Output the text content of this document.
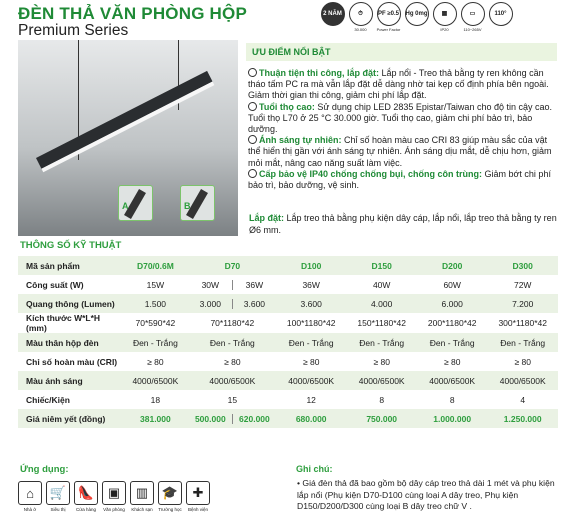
ĐÈN THẢ VĂN PHÒNG HỘP
Premium Series
2 NĂM	⏱
30.000
PF ≥0.5
Power Factor
Hg 0mg	▦
IP20
▭
110~265V
110°
A	B
ƯU ĐIỂM NỔI BẬT
Thuận tiện thi công, lắp đặt: Lắp nổi - Treo thả bằng ty ren không cần tháo tấm PC ra mà vẫn lắp đặt dễ dàng nhờ tai kẹp cố định phía bên ngoài. Giảm thời gian thi công, giảm chi phí lắp đặt.
Tuổi thọ cao: Sử dụng chip LED 2835 Epistar/Taiwan cho độ tin cậy cao. Tuổi thọ L70 ở 25 °C 30.000 giờ. Tuổi thọ cao, giảm chi phí bảo trì, bảo dưỡng.
Ánh sáng tự nhiên: Chỉ số hoàn màu cao CRI 83 giúp màu sắc của vật thể hiển thị gần với ánh sáng tự nhiên. Ánh sáng dịu mắt, dễ chịu hơn, giảm mỏi mắt, nâng cao năng suất làm việc.
Cấp bảo vệ IP40 chống chống bụi, chống côn trùng: Giảm bớt chi phí bảo trì, bảo dưỡng, vệ sinh.
Lắp đặt: Lắp treo thả bằng phụ kiện dây cáp, lắp nổi, lắp treo thả bằng ty ren Ø6 mm.
THÔNG SỐ KỸ THUẬT
Mã sản phẩm	D70/0.6M	D70	D100	D150	D200	D300
Công suất (W)	15W	30W 36W	36W	40W	60W	72W
Quang thông (Lumen)	1.500	3.000 3.600	3.600	4.000	6.000	7.200
Kích thước W*L*H (mm)	70*590*42	70*1180*42	100*1180*42	150*1180*42	200*1180*42	300*1180*42
Màu thân hộp đèn	Đen - Trắng	Đen - Trắng	Đen - Trắng	Đen - Trắng	Đen - Trắng	Đen - Trắng
Chỉ số hoàn màu (CRI)	≥ 80	≥ 80	≥ 80	≥ 80	≥ 80	≥ 80
Màu ánh sáng	4000/6500K	4000/6500K	4000/6500K	4000/6500K	4000/6500K	4000/6500K
Chiếc/Kiện	18	15	12	8	8	4
Giá niêm yết (đồng)	381.000	500.000 620.000	680.000	750.000	1.000.000	1.250.000
Ứng dụng:
⌂
Nhà ở
🛒
Siêu thị
👠
Cửa hàng
▣
Văn phòng
▥
Khách sạn
🎓
Trường học
✚
Bệnh viện
Ghi chú:
• Giá đèn thả đã bao gồm bộ dây cáp treo thả dài 1 mét và phụ kiện lắp nổi (Phụ kiện D70-D100 cùng loại A dây treo, Phụ kiện D150/D200/D300 cùng loại B dây treo chữ V .
